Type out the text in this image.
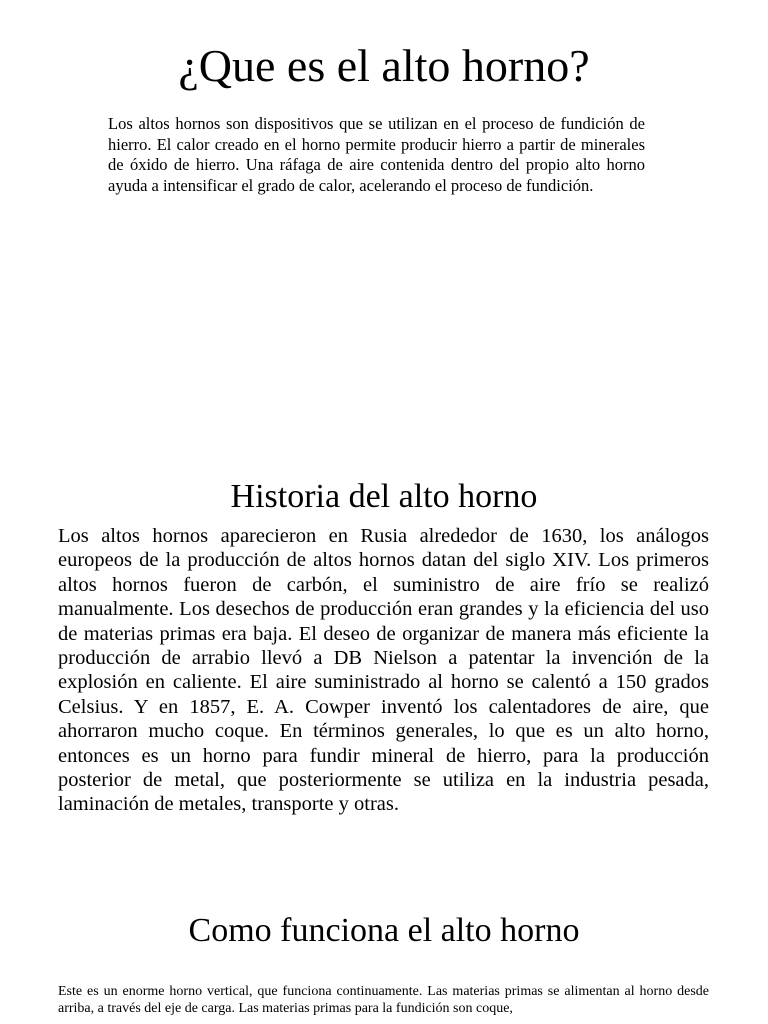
¿Que es el alto horno?

Los altos hornos son dispositivos que se utilizan en el proceso de fundición de hierro. El calor creado en el horno permite producir hierro a partir de minerales de óxido de hierro. Una ráfaga de aire contenida dentro del propio alto horno ayuda a intensificar el grado de calor, acelerando el proceso de fundición.

Historia del alto horno

Los altos hornos aparecieron en Rusia alrededor de 1630, los análogos europeos de la producción de altos hornos datan del siglo XIV. Los primeros altos hornos fueron de carbón, el suministro de aire frío se realizó manualmente. Los desechos de producción eran grandes y la eficiencia del uso de materias primas era baja. El deseo de organizar de manera más eficiente la producción de arrabio llevó a DB Nielson a patentar la invención de la explosión en caliente. El aire suministrado al horno se calentó a 150 grados Celsius. Y en 1857, E. A. Cowper inventó los calentadores de aire, que ahorraron mucho coque. En términos generales, lo que es un alto horno, entonces es un horno para fundir mineral de hierro, para la producción posterior de metal, que posteriormente se utiliza en la industria pesada, laminación de metales, transporte y otras.

Como funciona el alto horno

Este es un enorme horno vertical, que funciona continuamente. Las materias primas se alimentan al horno desde arriba, a través del eje de carga. Las materias primas para la fundición son coque,
